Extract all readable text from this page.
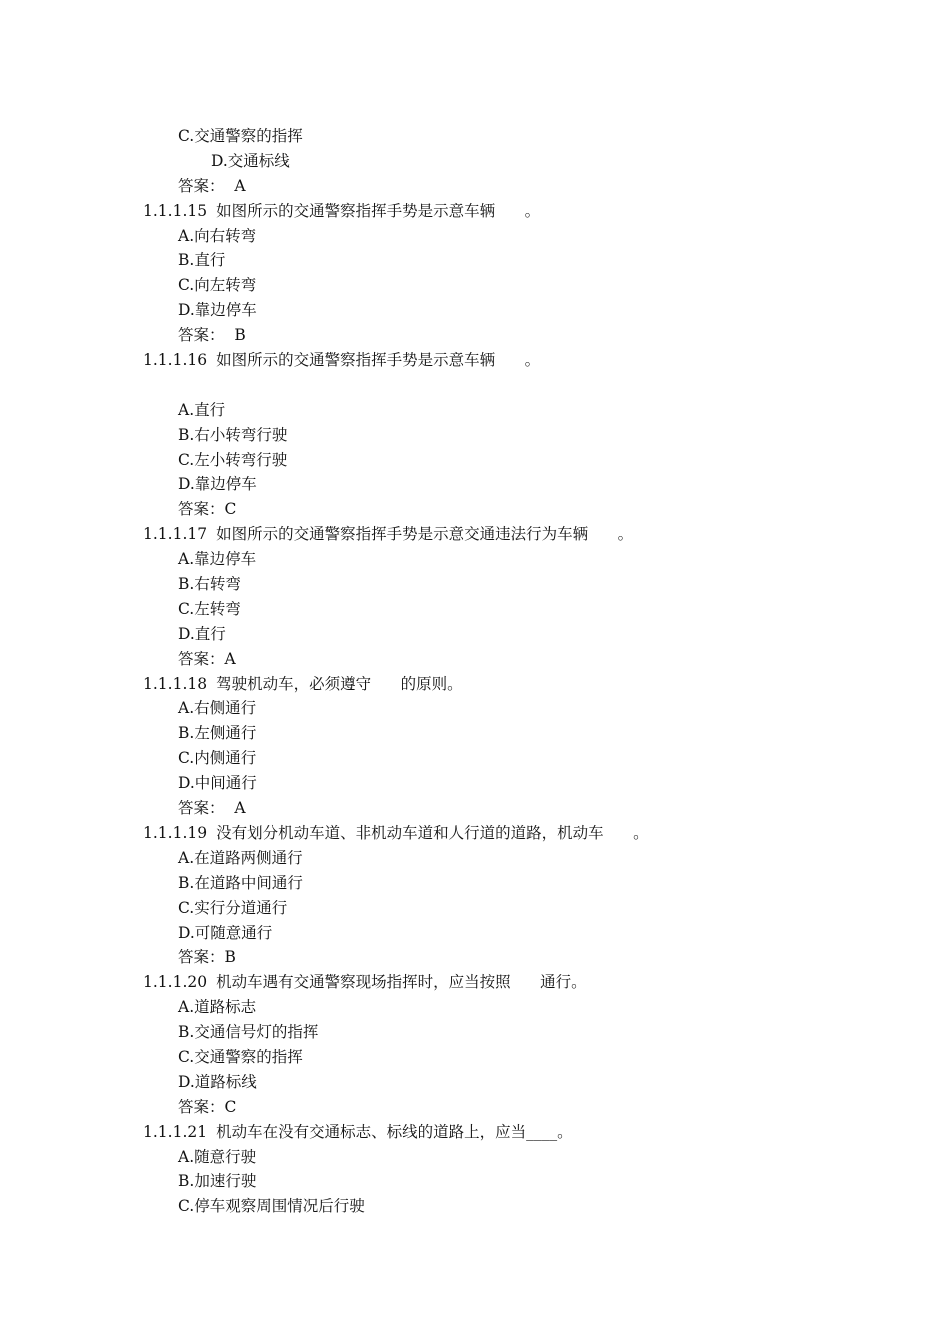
C.交通警察的指挥
D.交通标线
答案：  A
1.1.1.15 如图所示的交通警察指挥手势是示意车辆      。
A.向右转弯
B.直行
C.向左转弯
D.靠边停车
答案：  B
1.1.1.16 如图所示的交通警察指挥手势是示意车辆      。
A.直行
B.右小转弯行驶
C.左小转弯行驶
D.靠边停车
答案：C
1.1.1.17 如图所示的交通警察指挥手势是示意交通违法行为车辆      。
A.靠边停车
B.右转弯
C.左转弯
D.直行
答案：A
1.1.1.18 驾驶机动车，必须遵守      的原则。
A.右侧通行
B.左侧通行
C.内侧通行
D.中间通行
答案：  A
1.1.1.19 没有划分机动车道、非机动车道和人行道的道路，机动车      。
A.在道路两侧通行
B.在道路中间通行
C.实行分道通行
D.可随意通行
答案：B
1.1.1.20 机动车遇有交通警察现场指挥时，应当按照      通行。
A.道路标志
B.交通信号灯的指挥
C.交通警察的指挥
D.道路标线
答案：C
1.1.1.21 机动车在没有交通标志、标线的道路上，应当____。
A.随意行驶
B.加速行驶
C.停车观察周围情况后行驶
